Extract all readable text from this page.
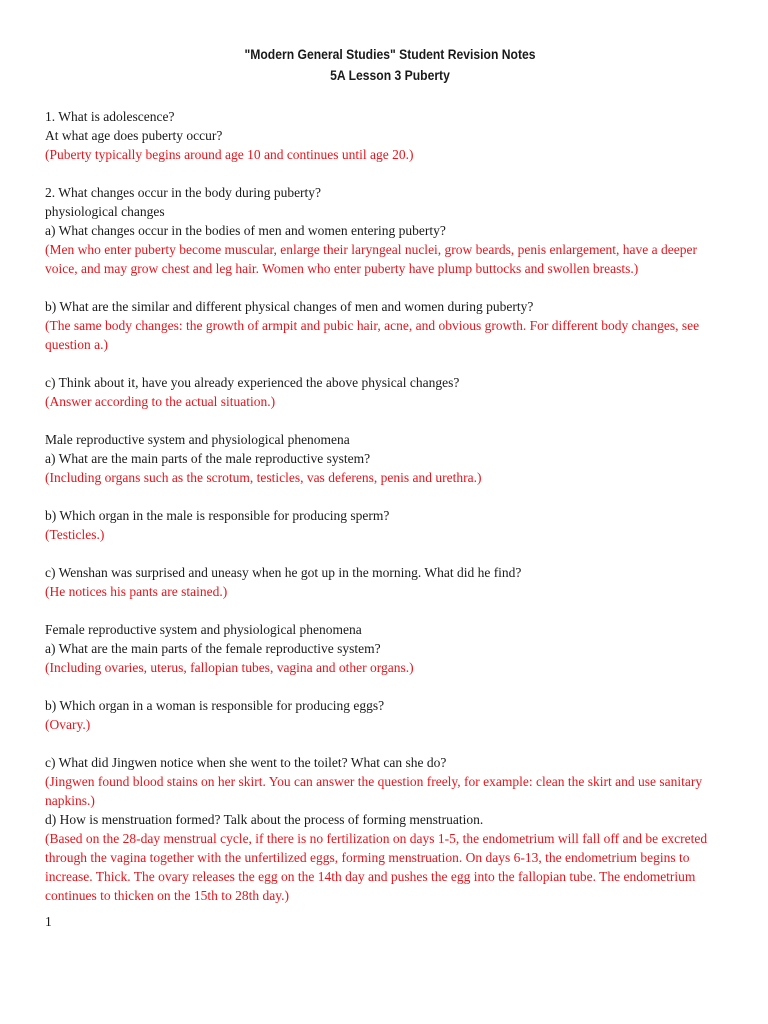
"Modern General Studies" Student Revision Notes
5A Lesson 3 Puberty

1. What is adolescence?

At what age does puberty occur?

(Puberty typically begins around age 10 and continues until age 20.)

2. What changes occur in the body during puberty?

physiological changes

a) What changes occur in the bodies of men and women entering puberty?

(Men who enter puberty become muscular, enlarge their laryngeal nuclei, grow beards, penis enlargement, have a deeper voice, and may grow chest and leg hair. Women who enter puberty have plump buttocks and swollen breasts.)

b) What are the similar and different physical changes of men and women during puberty?

(The same body changes: the growth of armpit and pubic hair, acne, and obvious growth. For different body changes, see question a.)

c) Think about it, have you already experienced the above physical changes?

(Answer according to the actual situation.)

Male reproductive system and physiological phenomena

a) What are the main parts of the male reproductive system?

(Including organs such as the scrotum, testicles, vas deferens, penis and urethra.)

b) Which organ in the male is responsible for producing sperm?

(Testicles.)

c) Wenshan was surprised and uneasy when he got up in the morning. What did he find?

(He notices his pants are stained.)

Female reproductive system and physiological phenomena

a) What are the main parts of the female reproductive system?

(Including ovaries, uterus, fallopian tubes, vagina and other organs.)

b) Which organ in a woman is responsible for producing eggs?

(Ovary.)

c) What did Jingwen notice when she went to the toilet? What can she do?

(Jingwen found blood stains on her skirt. You can answer the question freely, for example: clean the skirt and use sanitary napkins.)

d) How is menstruation formed? Talk about the process of forming menstruation.

(Based on the 28-day menstrual cycle, if there is no fertilization on days 1-5, the endometrium will fall off and be excreted through the vagina together with the unfertilized eggs, forming menstruation. On days 6-13, the endometrium begins to increase. Thick. The ovary releases the egg on the 14th day and pushes the egg into the fallopian tube. The endometrium continues to thicken on the 15th to 28th day.)

1
